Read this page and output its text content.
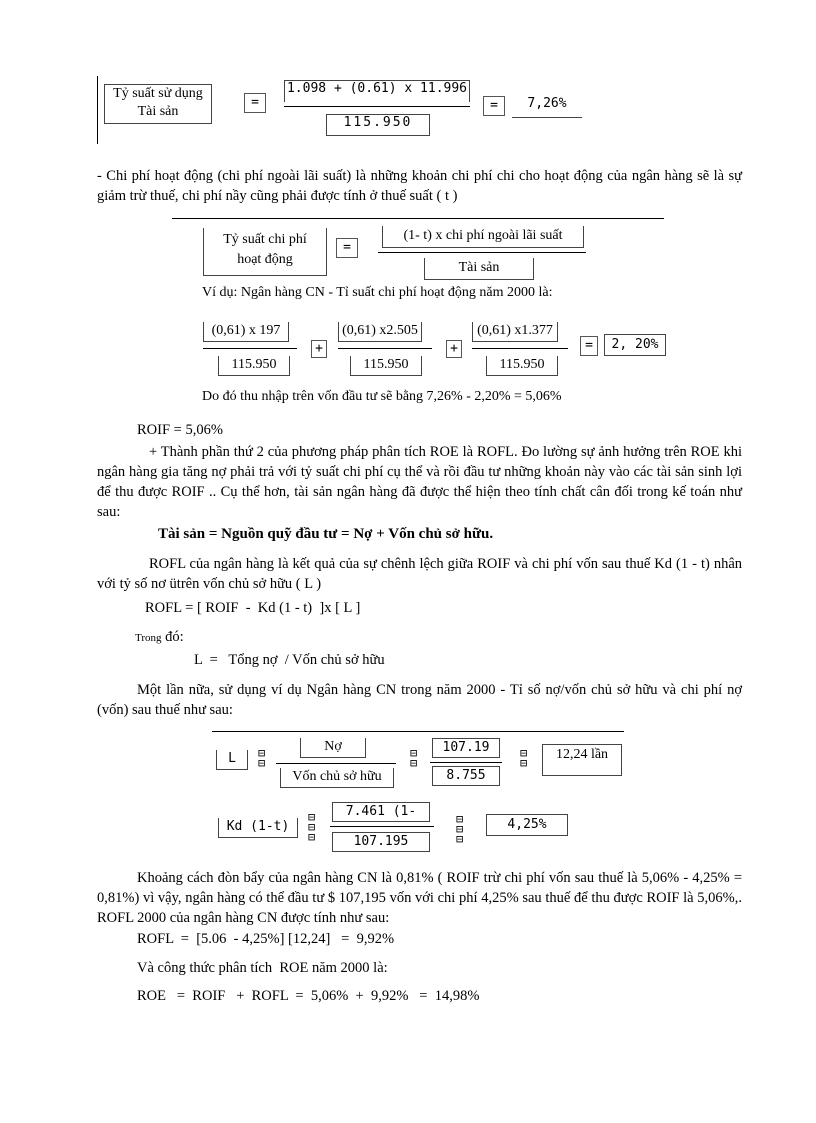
Tỷ suất sử dụng
Tài sản
=
1.098 + (0.61) x 11.996
115.950
=	7,26%
- Chi phí hoạt động (chi phí ngoài lãi suất) là những khoản chi phí chi cho hoạt động của ngân hàng sẽ là sự giảm trừ thuế, chi phí nầy cũng phải được tính ở thuế suất ( t )
Tỷ suất chi phí
hoạt động
=
(1- t) x chi phí ngoài lãi suất
Tài sản
Ví dụ: Ngân hàng CN - Tỉ suất chi phí hoạt động năm 2000 là:
(0,61) x 197
115.950
+
(0,61) x2.505
115.950
+
(0,61) x1.377
115.950
=	2, 20%
Do đó thu nhập trên vốn đầu tư sẽ bằng 7,26% - 2,20% = 5,06%
ROIF = 5,06%
+ Thành phần thứ 2 của phương pháp phân tích ROE là ROFL. Đo lường sự ảnh hưởng trên ROE khi ngân hàng gia tăng nợ phải trả với tỷ suất chi phí cụ thể và rồi đầu tư những khoản này vào các tài sản sinh lợi để thu được ROIF .. Cụ thể hơn, tài sản ngân hàng đã được thể hiện theo tính chất cân đối trong kế toán như sau:
Tài sản = Nguồn quỹ đầu tư = Nợ + Vốn chủ sở hữu.
ROFL của ngân hàng là kết quả của sự chênh lệch giữa ROIF và chi phí vốn sau thuế Kd (1 - t) nhân với tỷ số nơ ütrên vốn chủ sở hữu ( L )
ROFL = [ ROIF  -  Kd (1 - t)  ]x [ L ]
Trong đó:
L  =   Tổng nợ  / Vốn chủ sở hữu
Một lần nữa, sử dụng ví dụ Ngân hàng CN trong năm 2000 - Tỉ số nợ/vốn chủ sở hữu và chi phí nợ (vốn) sau thuế như sau:
L	⊟
⊟
Nợ
Vốn chủ sở hữu
⊟
⊟
107.19
8.755
⊟
⊟
12,24 lần
Kd (1-t)
⊟
⊟
⊟
7.461 (1-
107.195
⊟
⊟
⊟
4,25%
Khoảng cách đòn bẩy của ngân hàng CN là 0,81% ( ROIF trừ chi phí vốn sau thuế là 5,06% - 4,25% = 0,81%) vì vậy, ngân hàng có thể đầu tư $ 107,195 vốn với chi phí 4,25% sau thuế để thu được ROIF là 5,06%,. ROFL 2000 của ngân hàng CN được tính như sau:
ROFL  =  [5.06  - 4,25%] [12,24]   =  9,92%
Và công thức phân tích  ROE năm 2000 là:
ROE   =  ROIF   +  ROFL  =  5,06%  +  9,92%   =  14,98%
